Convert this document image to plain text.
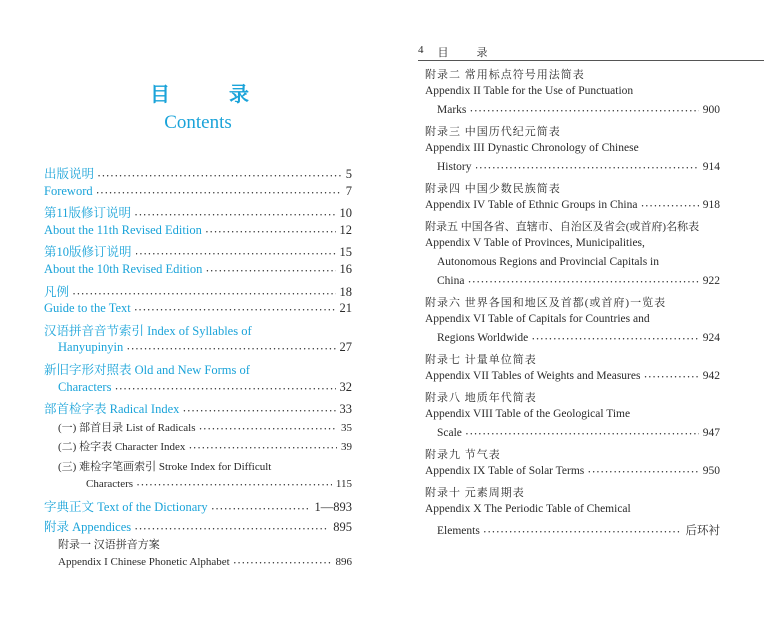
目	录
Contents
出版说明 •••••	5
Foreword •••••	7
第11版修订说明 •••••	10
About the 11th Revised Edition •••••	12
第10版修订说明 •••••	15
About the 10th Revised Edition •••••	16
凡例 •••••	18
Guide to the Text •••••	21
汉语拼音音节索引 Index of Syllables of
Hanyupinyin •••••	27
新旧字形对照表 Old and New Forms of
Characters •••••	32
部首检字表 Radical Index •••••	33
(一) 部首目录 List of Radicals •••••	35
(二) 检字表 Character Index •••••	39
(三) 难检字笔画索引 Stroke Index for Difficult
Characters •••••	115
字典正文 Text of the Dictionary •••••	1—893
附录 Appendices •••••	895
附录一 汉语拼音方案
Appendix I Chinese Phonetic Alphabet •••••	896
4 目	录
附录二 常用标点符号用法简表
Appendix II Table for the Use of Punctuation
Marks •••••	900
附录三 中国历代纪元简表
Appendix III Dynastic Chronology of Chinese
History •••••	914
附录四 中国少数民族简表
Appendix IV Table of Ethnic Groups in China •••••	918
附录五 中国各省、直辖市、自治区及省会(或首府)名称表
Appendix V Table of Provinces, Municipalities,
Autonomous Regions and Provincial Capitals in
China •••••	922
附录六 世界各国和地区及首都(或首府)一览表
Appendix VI Table of Capitals for Countries and
Regions Worldwide •••••	924
附录七 计量单位简表
Appendix VII Tables of Weights and Measures •••••	942
附录八 地质年代简表
Appendix VIII Table of the Geological Time
Scale •••••	947
附录九 节气表
Appendix IX Table of Solar Terms •••••	950
附录十 元素周期表
Appendix X The Periodic Table of Chemical
Elements •••••	后环衬
